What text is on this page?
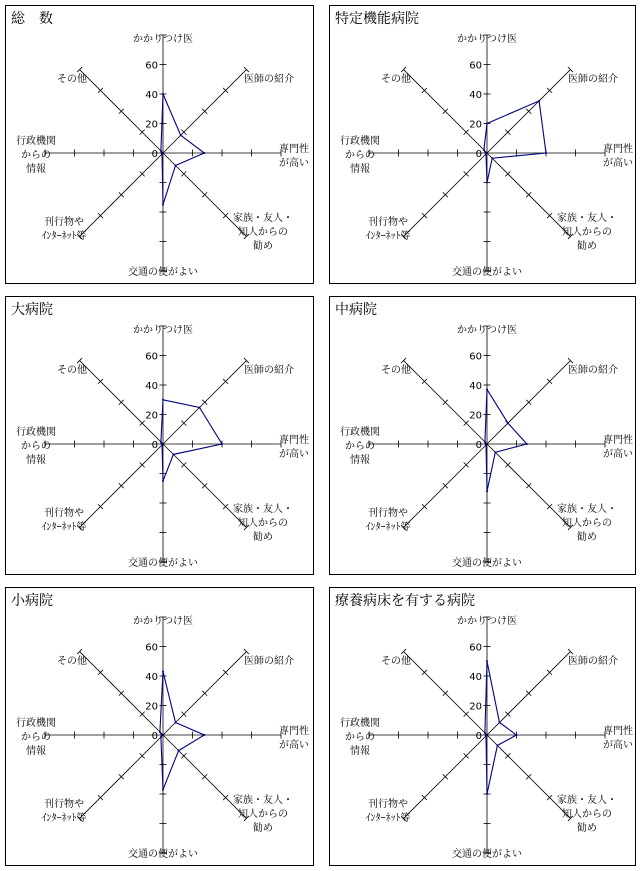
総　数
0
20
40
60
かかりつけ医
医師の紹介
専門性が高い
家族・友人・知人からの勧め
交通の便がよい
刊行物やｲﾝﾀｰﾈｯﾄ等
行政機関からの情報
その他
特定機能病院
0
20
40
60
かかりつけ医
医師の紹介
専門性が高い
家族・友人・知人からの勧め
交通の便がよい
刊行物やｲﾝﾀｰﾈｯﾄ等
行政機関からの情報
その他
大病院
0
20
40
60
かかりつけ医
医師の紹介
専門性が高い
家族・友人・知人からの勧め
交通の便がよい
刊行物やｲﾝﾀｰﾈｯﾄ等
行政機関からの情報
その他
中病院
0
20
40
60
かかりつけ医
医師の紹介
専門性が高い
家族・友人・知人からの勧め
交通の便がよい
刊行物やｲﾝﾀｰﾈｯﾄ等
行政機関からの情報
その他
小病院
0
20
40
60
かかりつけ医
医師の紹介
専門性が高い
家族・友人・知人からの勧め
交通の便がよい
刊行物やｲﾝﾀｰﾈｯﾄ等
行政機関からの情報
その他
療養病床を有する病院
0
20
40
60
かかりつけ医
医師の紹介
専門性が高い
家族・友人・知人からの勧め
交通の便がよい
刊行物やｲﾝﾀｰﾈｯﾄ等
行政機関からの情報
その他
